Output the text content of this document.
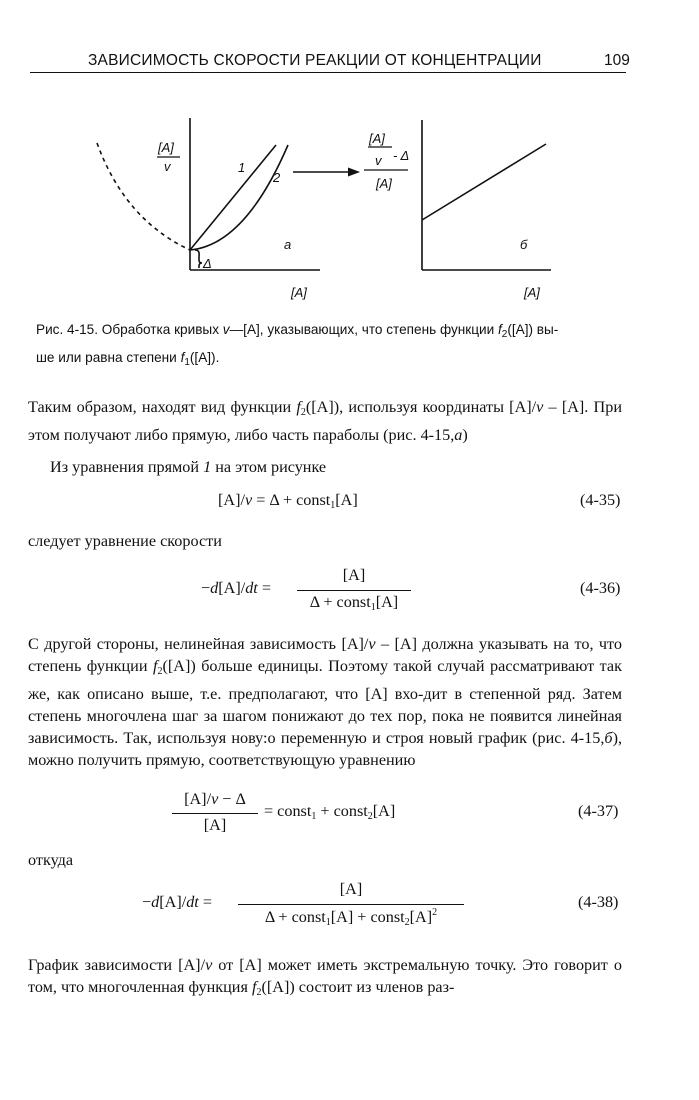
ЗАВИСИМОСТЬ СКОРОСТИ РЕАКЦИИ ОТ КОНЦЕНТРАЦИИ	109
[A]
v	1
2
Δ
а
[A]
[A]
v - Δ
[A]
б
[A]
Рис. 4-15. Обработка кривых v—[A], указывающих, что степень функции $f_2([A])$ вы-
ше или равна степени $f_1([A])$.

Таким образом, находят вид функции $f_2([A])$, используя координаты [A]/v – [A]. При этом получают либо прямую, либо часть параболы (рис. 4-15,а)

Из уравнения прямой 1 на этом рисунке

[A]/v = Δ + const$_1$[A]	(4-35)

следует уравнение скорости

−d[A]/dt =
[A]
Δ + const$_1$[A]
(4-36)

С другой стороны, нелинейная зависимость [A]/v – [A] должна указывать на то, что степень функции $f_2([A])$ больше единицы. Поэтому такой случай рассматривают так же, как описано выше, т.е. предполагают, что [A] вхо-дит в степенной ряд. Затем степень многочлена шаг за шагом понижают до тех пор, пока не появится линейная зависимость. Так, используя нову:о переменную и строя новый график (рис. 4-15,б), можно получить прямую, соответствующую уравнению

[A]/v − Δ
[A]
= const$_1$ + const$_2$[A]	(4-37)

откуда

−d[A]/dt =
[A]
Δ + const$_1$[A] + $const_2[A]^2$
(4-38)

График зависимости [A]/v от [A] может иметь экстремальную точку. Это говорит о том, что многочленная функция $f_2([A])$ состоит из членов раз-
